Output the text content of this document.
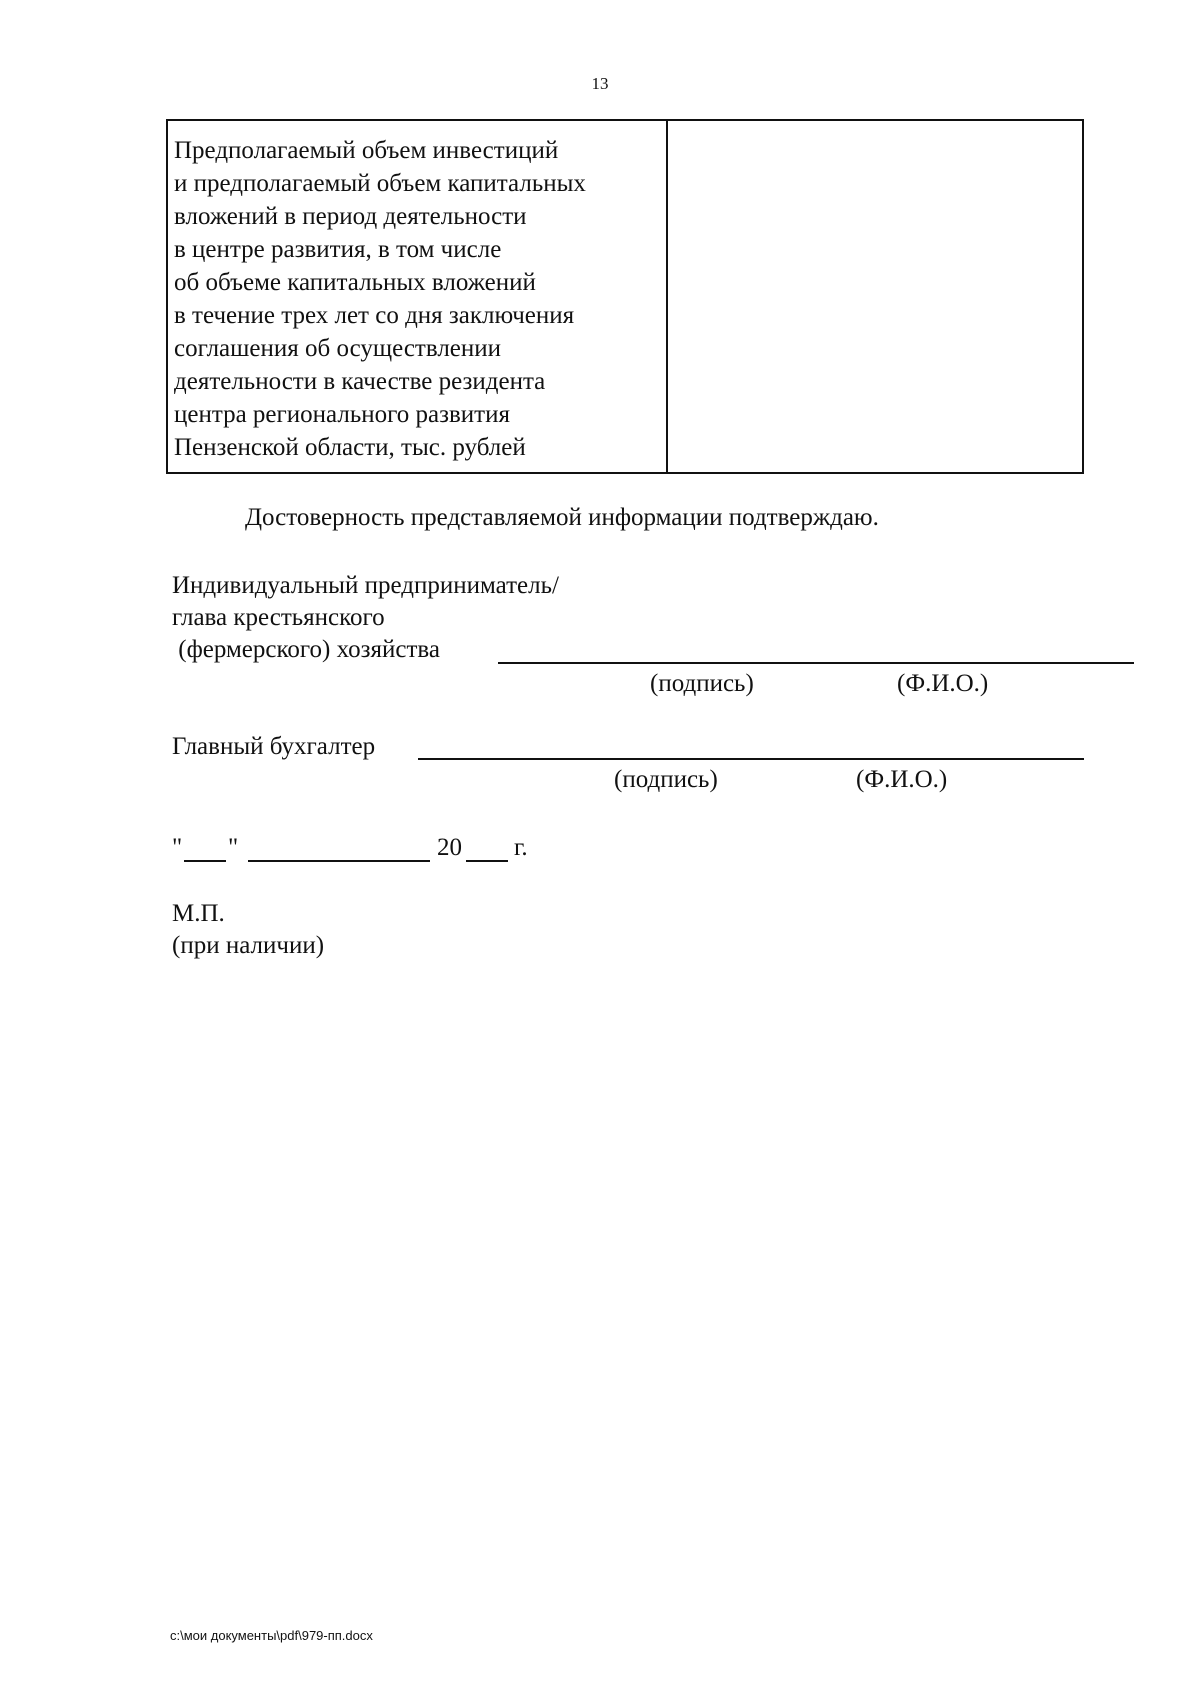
13
Предполагаемый объем инвестиций
и предполагаемый объем капитальных
вложений в период деятельности
в центре развития, в том числе
об объеме капитальных вложений
в течение трех лет со дня заключения
соглашения об осуществлении
деятельности в качестве резидента
центра регионального развития
Пензенской области, тыс. рублей

Достоверность представляемой информации подтверждаю.
Индивидуальный предприниматель/
глава крестьянского
(фермерского) хозяйства
(подпись)	(Ф.И.О.)
Главный бухгалтер
(подпись)	(Ф.И.О.)
" "	20 г.
М.П.
(при наличии)
c:\мои документы\pdf\979-пп.docx
